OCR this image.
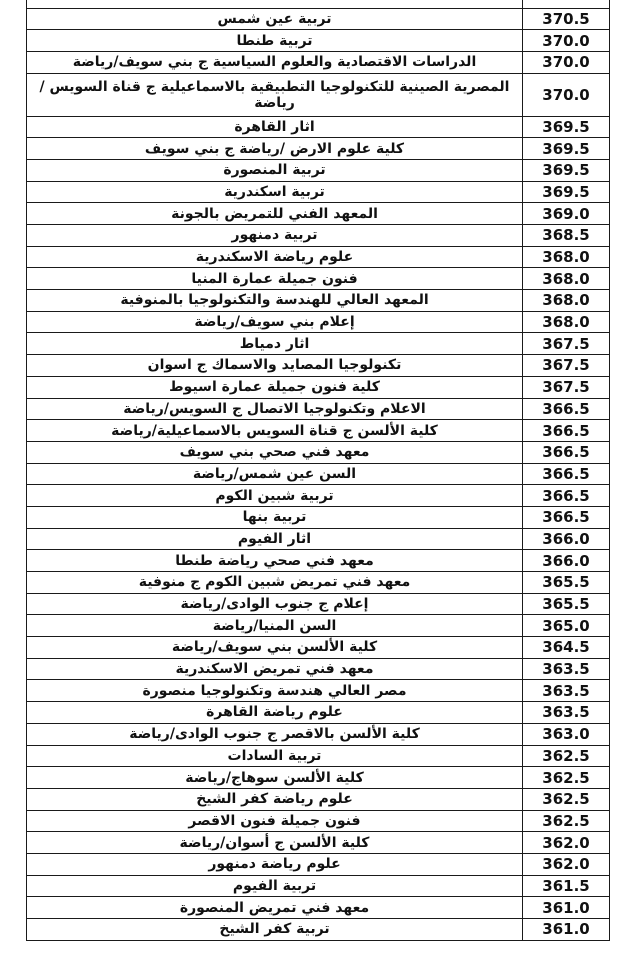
تربية عين شمس	370.5
تربية طنطا	370.0
الدراسات الاقتصادية والعلوم السياسية ج بني سويف/رياضة	370.0
المصرية الصينية للتكنولوجيا التطبيقية بالاسماعيلية ج قناة السويس /رياضة	370.0
اثار القاهرة	369.5
كلية علوم الارض /رياضة ج بني سويف	369.5
تربية المنصورة	369.5
تربية اسكندرية	369.5
المعهد الفني للتمريض بالجونة	369.0
تربية دمنهور	368.5
علوم رياضة الاسكندرية	368.0
فنون جميلة عمارة المنيا	368.0
المعهد العالي للهندسة والتكنولوجيا بالمنوفية	368.0
إعلام بني سويف/رياضة	368.0
اثار دمياط	367.5
تكنولوجيا المصايد والاسماك ج اسوان	367.5
كلية فنون جميلة عمارة اسيوط	367.5
الاعلام وتكنولوجيا الاتصال ج السويس/رياضة	366.5
كلية الألسن ج قناة السويس بالاسماعيلية/رياضة	366.5
معهد فني صحي بني سويف	366.5
السن عين شمس/رياضة	366.5
تربية شبين الكوم	366.5
تربية بنها	366.5
اثار الفيوم	366.0
معهد فني صحي رياضة طنطا	366.0
معهد فني تمريض شبين الكوم ج منوفية	365.5
إعلام ج جنوب الوادى/رياضة	365.5
السن المنيا/رياضة	365.0
كلية الألسن بني سويف/رياضة	364.5
معهد فني تمريض الاسكندرية	363.5
مصر العالي هندسة وتكنولوجيا منصورة	363.5
علوم رياضة القاهرة	363.5
كلية الألسن بالاقصر ج جنوب الوادى/رياضة	363.0
تربية السادات	362.5
كلية الألسن سوهاج/رياضة	362.5
علوم رياضة كفر الشيخ	362.5
فنون جميلة فنون الاقصر	362.5
كلية الألسن ج أسوان/رياضة	362.0
علوم رياضة دمنهور	362.0
تربية الفيوم	361.5
معهد فني تمريض المنصورة	361.0
تربية كفر الشيخ	361.0
